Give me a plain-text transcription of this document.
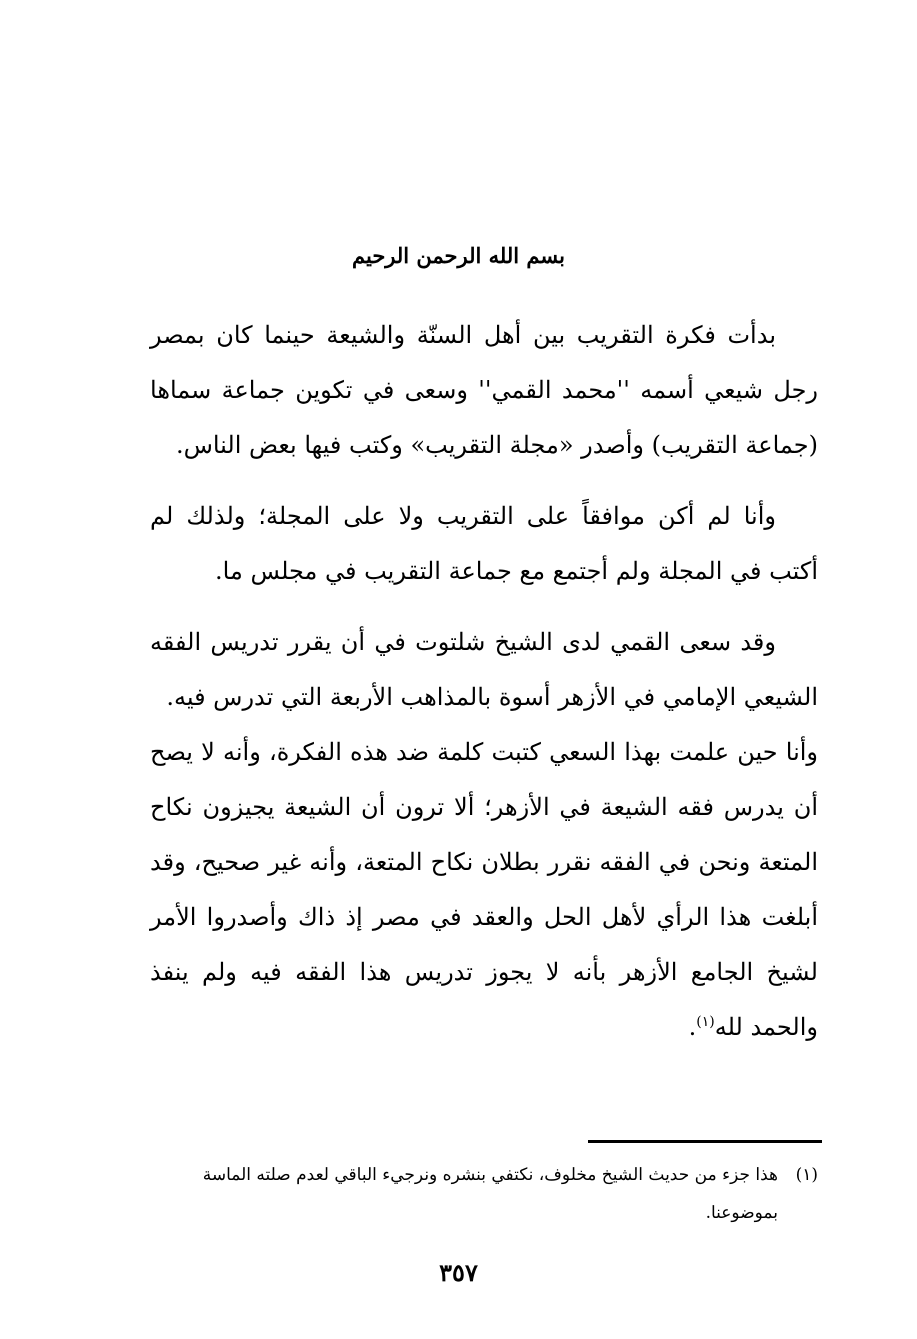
بسم الله الرحمن الرحيم

بدأت فكرة التقريب بين أهل السنّة والشيعة حينما كان بمصر رجل شيعي أسمه ''محمد القمي'' وسعى في تكوين جماعة سماها (جماعة التقريب) وأصدر «مجلة التقريب» وكتب فيها بعض الناس.

وأنا لم أكن موافقاً على التقريب ولا على المجلة؛ ولذلك لم أكتب في المجلة ولم أجتمع مع جماعة التقريب في مجلس ما.

وقد سعى القمي لدى الشيخ شلتوت في أن يقرر تدريس الفقه الشيعي الإمامي في الأزهر أسوة بالمذاهب الأربعة التي تدرس فيه.

وأنا حين علمت بهذا السعي كتبت كلمة ضد هذه الفكرة، وأنه لا يصح أن يدرس فقه الشيعة في الأزهر؛ ألا ترون أن الشيعة يجيزون نكاح المتعة ونحن في الفقه نقرر بطلان نكاح المتعة، وأنه غير صحيح، وقد أبلغت هذا الرأي لأهل الحل والعقد في مصر إذ ذاك وأصدروا الأمر لشيخ الجامع الأزهر بأنه لا يجوز تدريس هذا الفقه فيه ولم ينفذ والحمد لله$^{(١)}$.

(١)هذا جزء من حديث الشيخ مخلوف، نكتفي بنشره ونرجيء الباقي لعدم صلته الماسة
بموضوعنا.
٣٥٧
